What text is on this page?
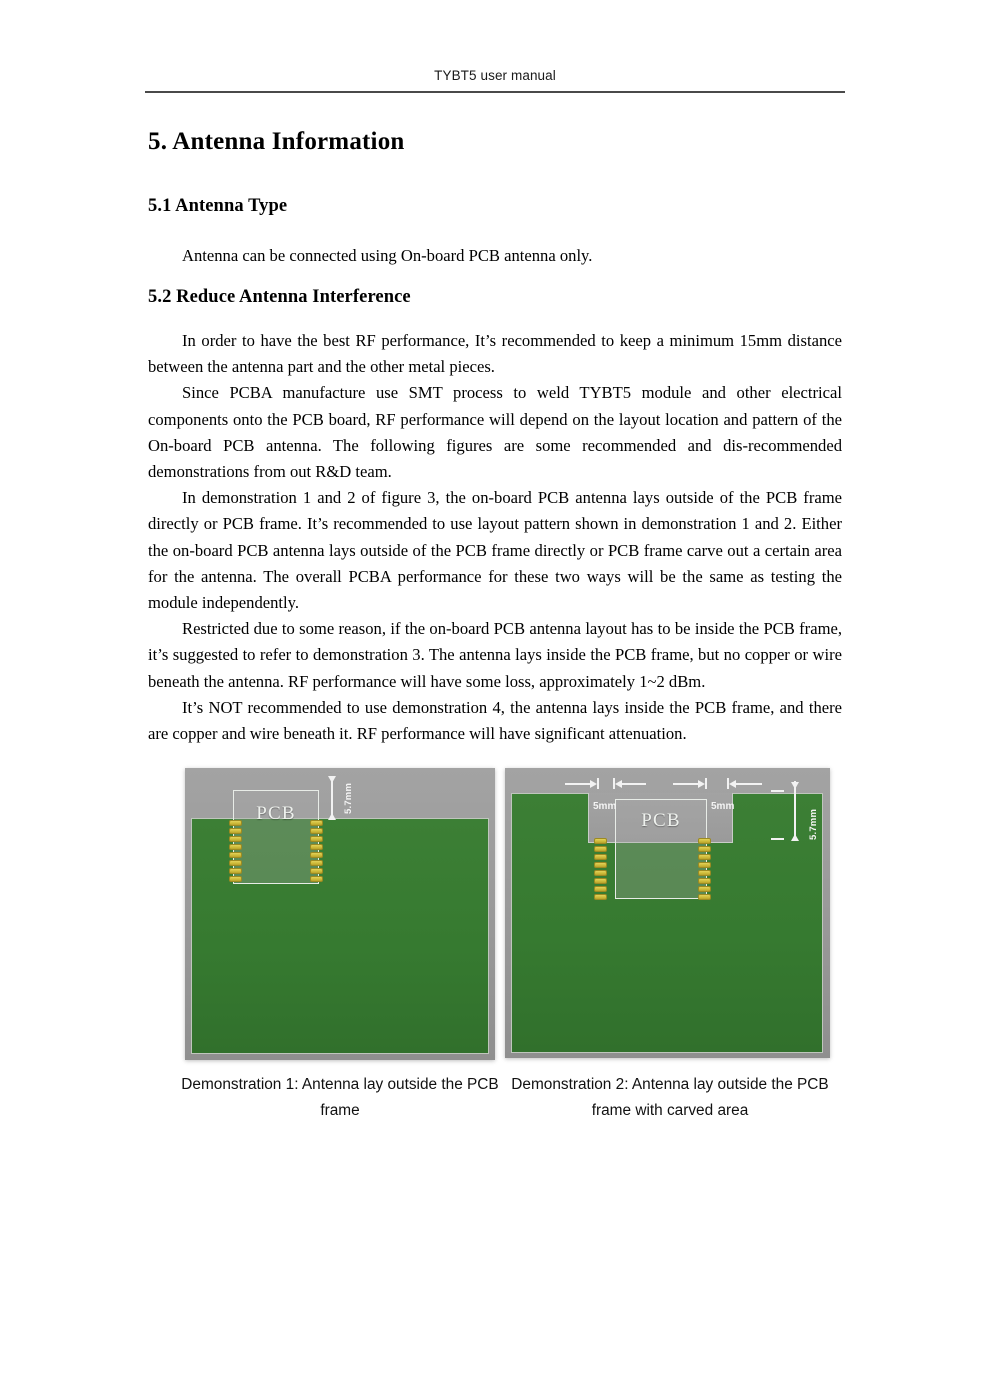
TYBT5 user manual
5. Antenna Information
5.1 Antenna Type

Antenna can be connected using On-board PCB antenna only.

5.2 Reduce Antenna Interference

In order to have the best RF performance, It’s recommended to keep a minimum 15mm distance between the antenna part and the other metal pieces.

Since PCBA manufacture use SMT process to weld TYBT5 module and other electrical components onto the PCB board, RF performance will depend on the layout location and pattern of the On-board PCB antenna. The following figures are some recommended and dis-recommended demonstrations from out R&D team.

In demonstration 1 and 2 of figure 3, the on-board PCB antenna lays outside of the PCB frame directly or PCB frame. It’s recommended to use layout pattern shown in demonstration 1 and 2. Either the on-board PCB antenna lays outside of the PCB frame directly or PCB frame carve out a certain area for the antenna. The overall PCBA performance for these two ways will be the same as testing the module independently.

Restricted due to some reason, if the on-board PCB antenna layout has to be inside the PCB frame, it’s suggested to refer to demonstration 3. The antenna lays inside the PCB frame, but no copper or wire beneath the antenna. RF performance will have some loss, approximately 1~2 dBm.

It’s NOT recommended to use demonstration 4, the antenna lays inside the PCB frame, and there are copper and wire beneath it. RF performance will have significant attenuation.

PCB	5.7mm
PCB
5mm	5mm
5.7mm
Demonstration 1: Antenna lay outside the PCB frame
Demonstration 2: Antenna lay outside the PCB frame with carved area
